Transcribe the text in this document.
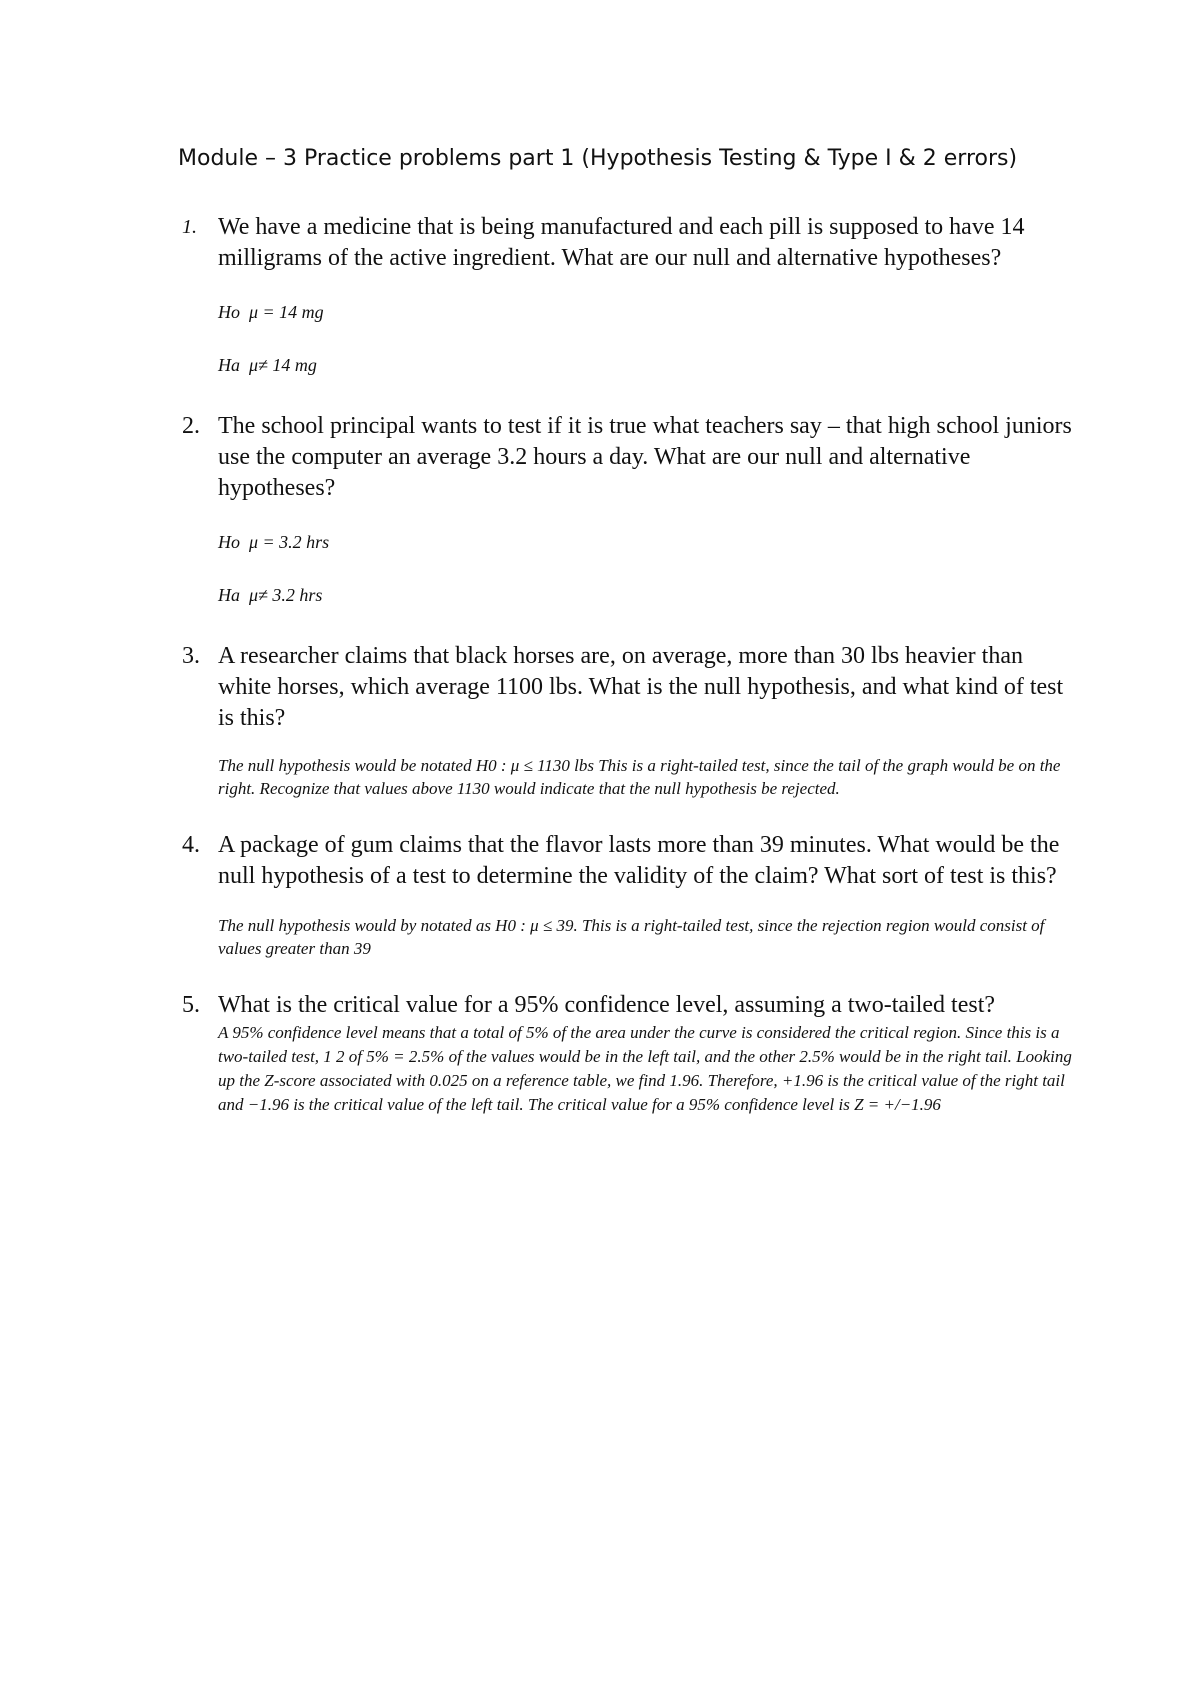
Module – 3 Practice problems part 1 (Hypothesis Testing & Type I & 2 errors)
1. We have a medicine that is being manufactured and each pill is supposed to have 14 milligrams of the active ingredient. What are our null and alternative hypotheses?

Ho  μ = 14 mg

Ha  μ≠ 14 mg

2. The school principal wants to test if it is true what teachers say – that high school juniors use the computer an average 3.2 hours a day. What are our null and alternative hypotheses?

Ho  μ = 3.2 hrs

Ha  μ≠ 3.2 hrs

3. A researcher claims that black horses are, on average, more than 30 lbs heavier than white horses, which average 1100 lbs. What is the null hypothesis, and what kind of test is this?

The null hypothesis would be notated H0 : μ ≤ 1130 lbs This is a right-tailed test, since the tail of the graph would be on the right. Recognize that values above 1130 would indicate that the null hypothesis be rejected.

4. A package of gum claims that the flavor lasts more than 39 minutes. What would be the null hypothesis of a test to determine the validity of the claim? What sort of test is this?

The null hypothesis would by notated as H0 : μ ≤ 39. This is a right-tailed test, since the rejection region would consist of values greater than 39

5. What is the critical value for a 95% confidence level, assuming a two-tailed test?

A 95% confidence level means that a total of 5% of the area under the curve is considered the critical region. Since this is a two-tailed test, 1 2 of 5% = 2.5% of the values would be in the left tail, and the other 2.5% would be in the right tail. Looking up the Z-score associated with 0.025 on a reference table, we find 1.96. Therefore, +1.96 is the critical value of the right tail and −1.96 is the critical value of the left tail. The critical value for a 95% confidence level is Z = +/−1.96
